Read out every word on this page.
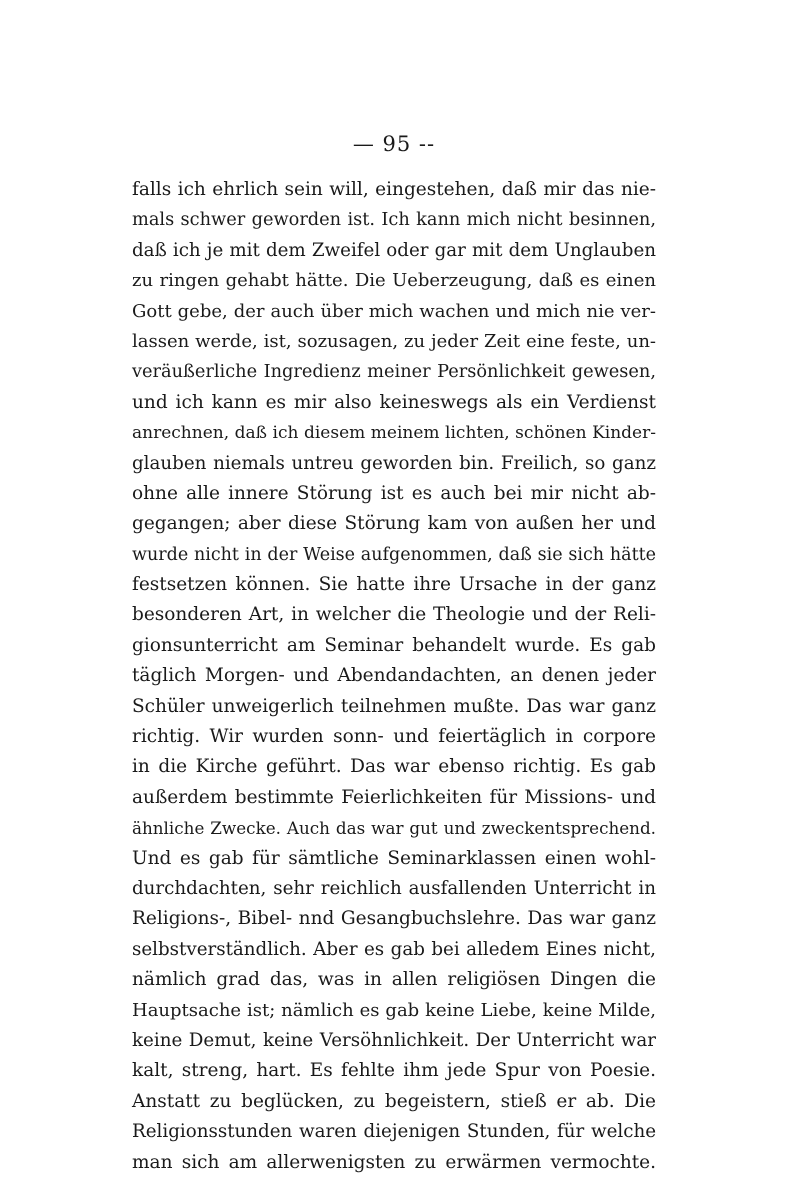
— 95 --
falls ich ehrlich sein will, eingestehen, daß mir das nie-
mals schwer geworden ist. Ich kann mich nicht besinnen,
daß ich je mit dem Zweifel oder gar mit dem Unglauben
zu ringen gehabt hätte. Die Ueberzeugung, daß es einen
Gott gebe, der auch über mich wachen und mich nie ver-
lassen werde, ist, sozusagen, zu jeder Zeit eine feste, un-
veräußerliche Ingredienz meiner Persönlichkeit gewesen,
und ich kann es mir also keineswegs als ein Verdienst
anrechnen, daß ich diesem meinem lichten, schönen Kinder-
glauben niemals untreu geworden bin. Freilich, so ganz
ohne alle innere Störung ist es auch bei mir nicht ab-
gegangen; aber diese Störung kam von außen her und
wurde nicht in der Weise aufgenommen, daß sie sich hätte
festsetzen können. Sie hatte ihre Ursache in der ganz
besonderen Art, in welcher die Theologie und der Reli-
gionsunterricht am Seminar behandelt wurde. Es gab
täglich Morgen- und Abendandachten, an denen jeder
Schüler unweigerlich teilnehmen mußte. Das war ganz
richtig. Wir wurden sonn- und feiertäglich in corpore
in die Kirche geführt. Das war ebenso richtig. Es gab
außerdem bestimmte Feierlichkeiten für Missions- und
ähnliche Zwecke. Auch das war gut und zweckentsprechend.
Und es gab für sämtliche Seminarklassen einen wohl-
durchdachten, sehr reichlich ausfallenden Unterricht in
Religions-, Bibel- nnd Gesangbuchslehre. Das war ganz
selbstverständlich. Aber es gab bei alledem Eines nicht,
nämlich grad das, was in allen religiösen Dingen die
Hauptsache ist; nämlich es gab keine Liebe, keine Milde,
keine Demut, keine Versöhnlichkeit. Der Unterricht war
kalt, streng, hart. Es fehlte ihm jede Spur von Poesie.
Anstatt zu beglücken, zu begeistern, stieß er ab. Die
Religionsstunden waren diejenigen Stunden, für welche
man sich am allerwenigsten zu erwärmen vermochte.
